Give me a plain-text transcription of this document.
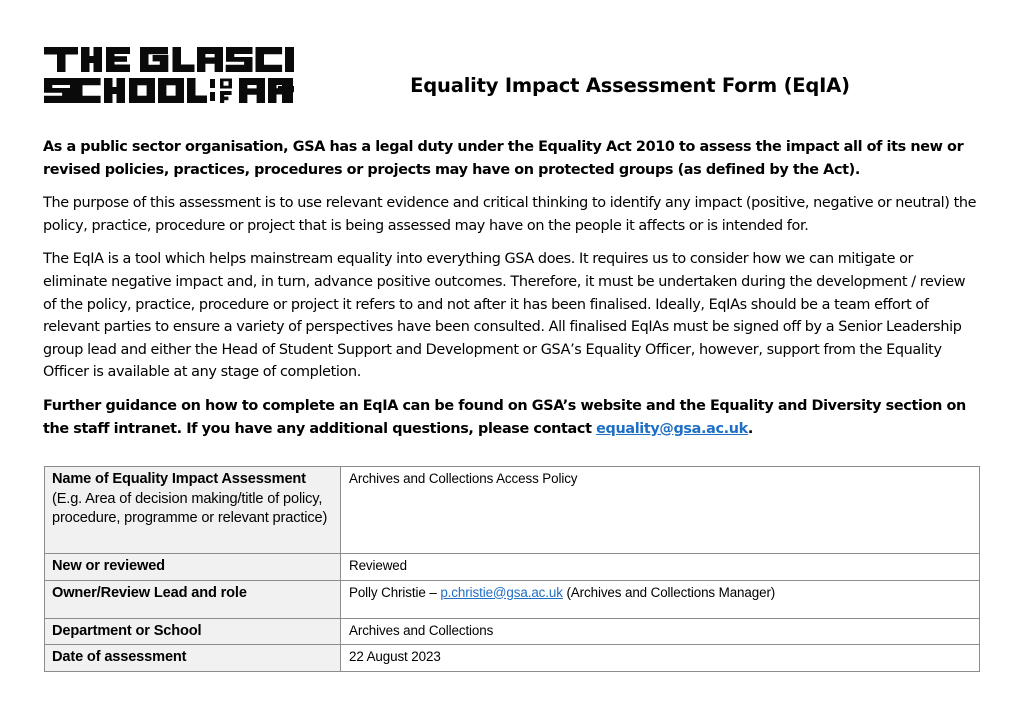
Equality Impact Assessment Form (EqIA)

As a public sector organisation, GSA has a legal duty under the Equality Act 2010 to assess the impact all of its new or revised policies, practices, procedures or projects may have on protected groups (as defined by the Act).

The purpose of this assessment is to use relevant evidence and critical thinking to identify any impact (positive, negative or neutral) the policy, practice, procedure or project that is being assessed may have on the people it affects or is intended for.

The EqIA is a tool which helps mainstream equality into everything GSA does. It requires us to consider how we can mitigate or eliminate negative impact and, in turn, advance positive outcomes. Therefore, it must be undertaken during the development / review of the policy, practice, procedure or project it refers to and not after it has been finalised. Ideally, EqIAs should be a team effort of relevant parties to ensure a variety of perspectives have been consulted. All finalised EqIAs must be signed off by a Senior Leadership group lead and either the Head of Student Support and Development or GSA’s Equality Officer, however, support from the Equality Officer is available at any stage of completion.

Further guidance on how to complete an EqIA can be found on GSA’s website and the Equality and Diversity section on the staff intranet. If you have any additional questions, please contact equality@gsa.ac.uk.

Name of Equality Impact Assessment
(E.g. Area of decision making/title of policy, procedure, programme or relevant practice)	Archives and Collections Access Policy
New or reviewed	Reviewed
Owner/Review Lead and role	Polly Christie – p.christie@gsa.ac.uk (Archives and Collections Manager)
Department or School	Archives and Collections
Date of assessment	22 August 2023
